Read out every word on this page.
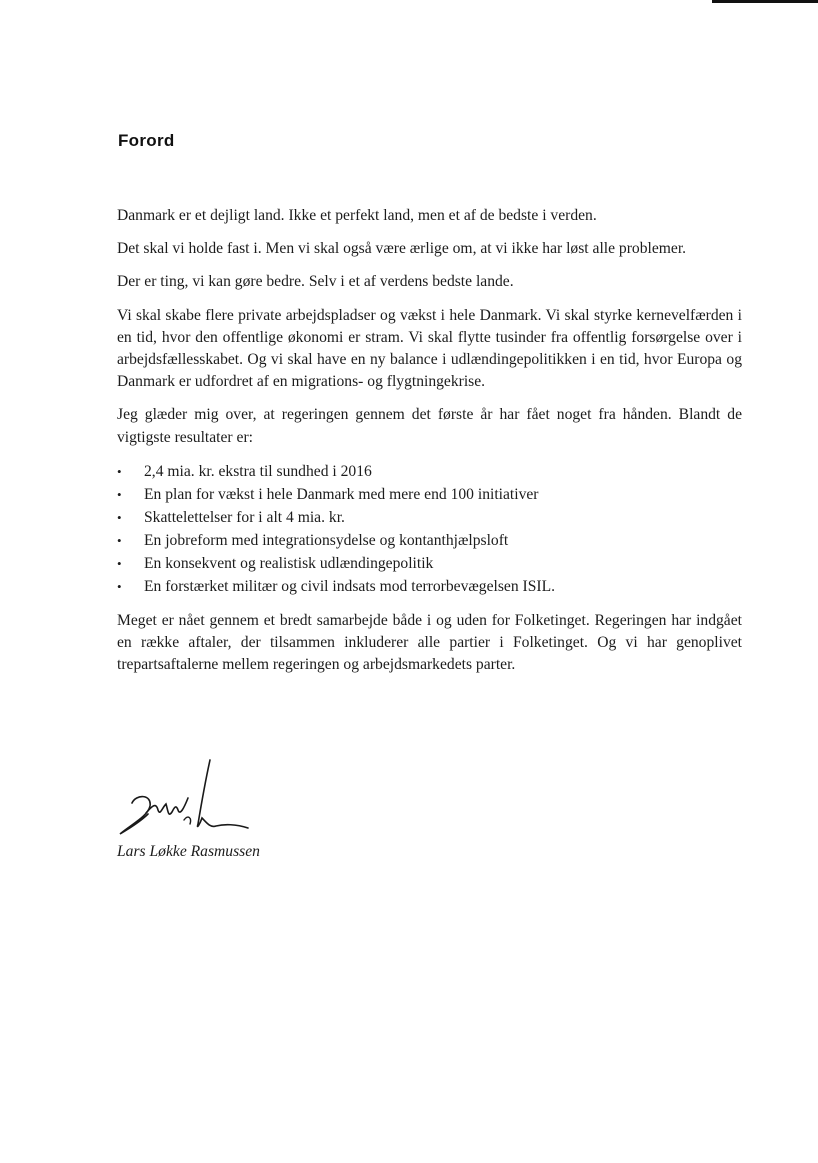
Forord

Danmark er et dejligt land. Ikke et perfekt land, men et af de bedste i verden.

Det skal vi holde fast i. Men vi skal også være ærlige om, at vi ikke har løst alle problemer.

Der er ting, vi kan gøre bedre. Selv i et af verdens bedste lande.

Vi skal skabe flere private arbejdspladser og vækst i hele Danmark. Vi skal styrke kernevelfærden i en tid, hvor den offentlige økonomi er stram. Vi skal flytte tusinder fra offentlig forsørgelse over i arbejdsfællesskabet. Og vi skal have en ny balance i udlændingepolitikken i en tid, hvor Europa og Danmark er udfordret af en migrations- og flygtningekrise.

Jeg glæder mig over, at regeringen gennem det første år har fået noget fra hånden. Blandt de vigtigste resultater er:

• 2,4 mia. kr. ekstra til sundhed i 2016
• En plan for vækst i hele Danmark med mere end 100 initiativer
• Skattelettelser for i alt 4 mia. kr.
• En jobreform med integrationsydelse og kontanthjælpsloft
• En konsekvent og realistisk udlændingepolitik
• En forstærket militær og civil indsats mod terrorbevægelsen ISIL.

Meget er nået gennem et bredt samarbejde både i og uden for Folketinget. Regeringen har indgået en række aftaler, der tilsammen inkluderer alle partier i Folketinget. Og vi har genoplivet trepartsaftalerne mellem regeringen og arbejdsmarkedets parter.

Lars Løkke Rasmussen
